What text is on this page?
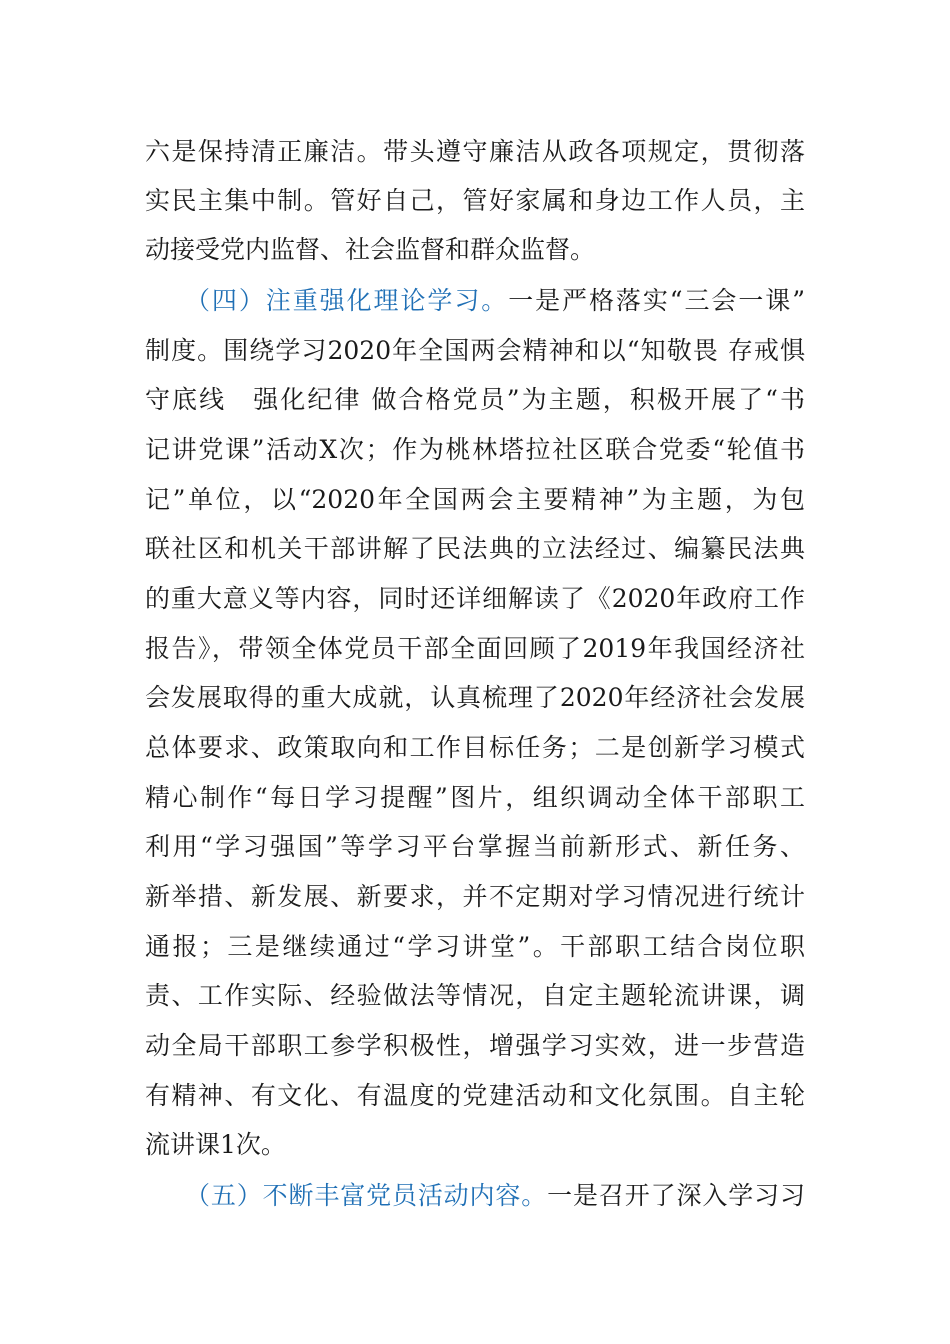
六是保持清正廉洁。带头遵守廉洁从政各项规定，贯彻落
实民主集中制。管好自己，管好家属和身边工作人员，主
动接受党内监督、社会监督和群众监督。
（四）注重强化理论学习。一是严格落实“三会一课”
制度。围绕学习2020年全国两会精神和以“知敬畏 存戒惧
守底线　强化纪律 做合格党员”为主题，积极开展了“书
记讲党课”活动X次；作为桃林塔拉社区联合党委“轮值书
记”单位，以“2020年全国两会主要精神”为主题，为包
联社区和机关干部讲解了民法典的立法经过、编纂民法典
的重大意义等内容，同时还详细解读了《2020年政府工作
报告》，带领全体党员干部全面回顾了2019年我国经济社
会发展取得的重大成就，认真梳理了2020年经济社会发展
总体要求、政策取向和工作目标任务；二是创新学习模式
精心制作“每日学习提醒”图片，组织调动全体干部职工
利用“学习强国”等学习平台掌握当前新形式、新任务、
新举措、新发展、新要求，并不定期对学习情况进行统计
通报；三是继续通过“学习讲堂”。干部职工结合岗位职
责、工作实际、经验做法等情况，自定主题轮流讲课，调
动全局干部职工参学积极性，增强学习实效，进一步营造
有精神、有文化、有温度的党建活动和文化氛围。自主轮
流讲课1次。
（五）不断丰富党员活动内容。一是召开了深入学习习
